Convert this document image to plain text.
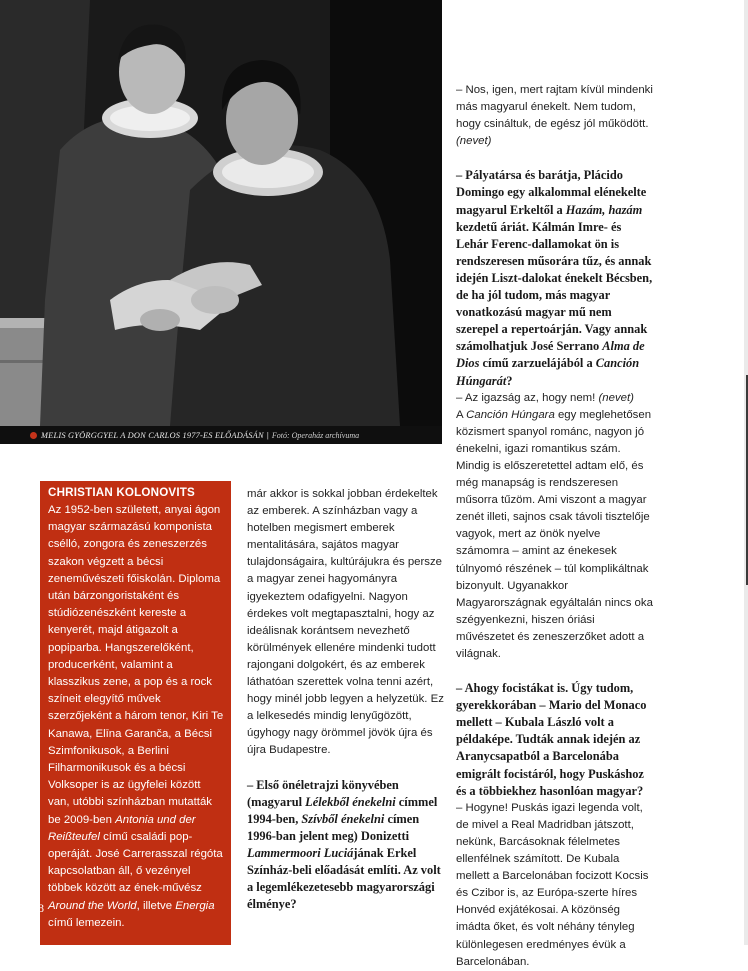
MELIS GYÖRGGYEL A DON CARLOS 1977-ES ELŐADÁSÁN | Fotó: Operaház archívuma
CHRISTIAN KOLONOVITS
Az 1952-ben született, anyai ágon magyar származású komponista csélló, zongora és zeneszerzés szakon végzett a bécsi zeneművészeti főiskolán. Diploma után bárzongoristaként és stúdiózenészként kereste a kenyerét, majd átigazolt a popiparba. Hangszerelőként, producerként, valamint a klasszikus zene, a pop és a rock színeit elegyítő művek szerzőjeként a három tenor, Kiri Te Kanawa, Elīna Garanča, a Bécsi Szimfonikusok, a Berlini Filharmonikusok és a bécsi Volksoper is az ügyfelei között van, utóbbi színházban mutatták be 2009-ben Antonia und der Reißteufel című családi pop-operáját. José Carrerasszal régóta kapcsolatban áll, ő vezényel többek között az ének-művész Around the World, illetve Energia című lemezein.
8

már akkor is sokkal jobban érdekeltek az emberek. A színházban vagy a hotelben megismert emberek mentalitására, sajátos magyar tulajdonságaira, kultúrájukra és persze a magyar zenei hagyományra igyekeztem odafigyelni. Nagyon érdekes volt megtapasztalni, hogy az ideálisnak korántsem nevezhető körülmények ellenére mindenki tudott rajongani dolgokért, és az emberek láthatóan szerettek volna tenni azért, hogy minél jobb legyen a helyzetük. Ez a lelkesedés mindig lenyűgözött, úgyhogy nagy örömmel jövök újra és újra Budapestre.

– Első önéletrajzi könyvében (magyarul Lélekből énekelni címmel 1994-ben, Szívből énekelni címen 1996-ban jelent meg) Donizetti Lammermoori Luciájának Erkel Színház-beli előadását említi. Az volt a legemlékezetesebb magyarországi élménye?

– Nos, igen, mert rajtam kívül mindenki más magyarul énekelt. Nem tudom, hogy csináltuk, de egész jól működött. (nevet)

– Pályatársa és barátja, Plácido Domingo egy alkalommal elénekelte magyarul Erkeltől a Hazám, hazám kezdetű áriát. Kálmán Imre- és Lehár Ferenc-dallamokat ön is rendszeresen műsorára tűz, és annak idején Liszt-dalokat énekelt Bécsben, de ha jól tudom, más magyar vonatkozású magyar mű nem szerepel a repertoárján. Vagy annak számolhatjuk José Serrano Alma de Dios című zarzuelájából a Canción Húngarát?

– Az igazság az, hogy nem! (nevet)
A Canción Húngara egy meglehetősen közismert spanyol románc, nagyon jó énekelni, igazi romantikus szám. Mindig is előszeretettel adtam elő, és még manapság is rendszeresen műsorra tűzöm. Ami viszont a magyar zenét illeti, sajnos csak távoli tisztelője vagyok, mert az önök nyelve számomra – amint az énekesek túlnyomó részének – túl komplikáltnak bizonyult. Ugyanakkor Magyarországnak egyáltalán nincs oka szégyenkezni, hiszen óriási művészetet és zeneszerzőket adott a világnak.

– Ahogy focistákat is. Úgy tudom, gyerekkorában – Mario del Monaco mellett – Kubala László volt a példaképe. Tudták annak idején az Aranycsapatból a Barcelonába emigrált focistáról, hogy Puskáshoz és a többiekhez hasonlóan magyar?

– Hogyne! Puskás igazi legenda volt, de mivel a Real Madridban játszott, nekünk, Barcásoknak félelmetes ellenfélnek számított. De Kubala mellett a Barcelonában focizott Kocsis és Czibor is, az Európa-szerte híres Honvéd exjátékosai. A közönség imádta őket, és volt néhány tényleg különlegesen eredményes évük a Barcelonában.
